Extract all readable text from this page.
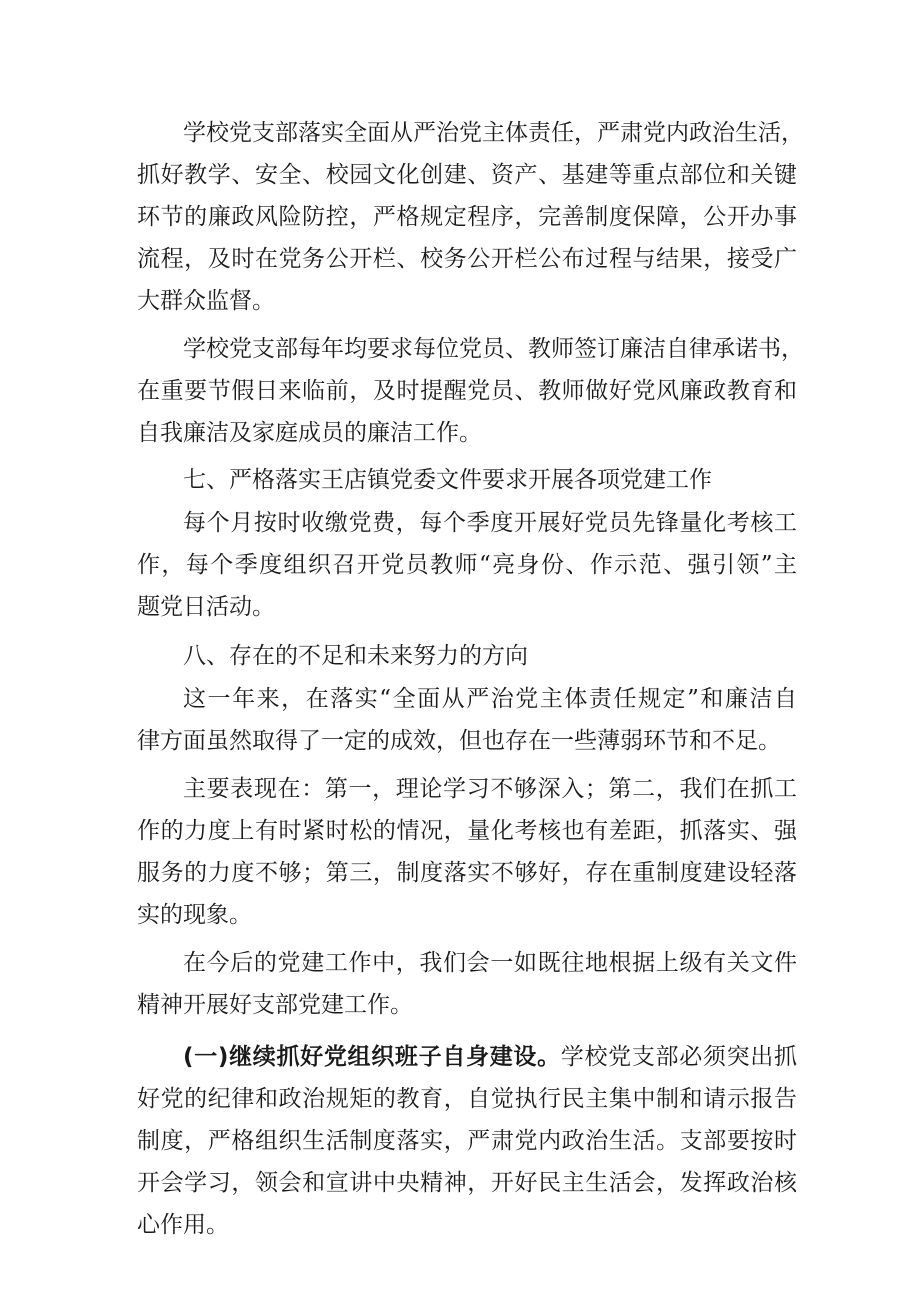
学校党支部落实全面从严治党主体责任，严肃党内政治生活，
抓好教学、安全、校园文化创建、资产、基建等重点部位和关键
环节的廉政风险防控，严格规定程序，完善制度保障，公开办事
流程，及时在党务公开栏、校务公开栏公布过程与结果，接受广
大群众监督。
学校党支部每年均要求每位党员、教师签订廉洁自律承诺书，
在重要节假日来临前，及时提醒党员、教师做好党风廉政教育和
自我廉洁及家庭成员的廉洁工作。
七、严格落实王店镇党委文件要求开展各项党建工作
每个月按时收缴党费，每个季度开展好党员先锋量化考核工
作，每个季度组织召开党员教师“亮身份、作示范、强引领”主
题党日活动。
八、存在的不足和未来努力的方向
这一年来，在落实“全面从严治党主体责任规定”和廉洁自
律方面虽然取得了一定的成效，但也存在一些薄弱环节和不足。
主要表现在：第一，理论学习不够深入；第二，我们在抓工
作的力度上有时紧时松的情况，量化考核也有差距，抓落实、强
服务的力度不够；第三，制度落实不够好，存在重制度建设轻落
实的现象。
在今后的党建工作中，我们会一如既往地根据上级有关文件
精神开展好支部党建工作。
(一)继续抓好党组织班子自身建设。学校党支部必须突出抓
好党的纪律和政治规矩的教育，自觉执行民主集中制和请示报告
制度，严格组织生活制度落实，严肃党内政治生活。支部要按时
开会学习，领会和宣讲中央精神，开好民主生活会，发挥政治核
心作用。
